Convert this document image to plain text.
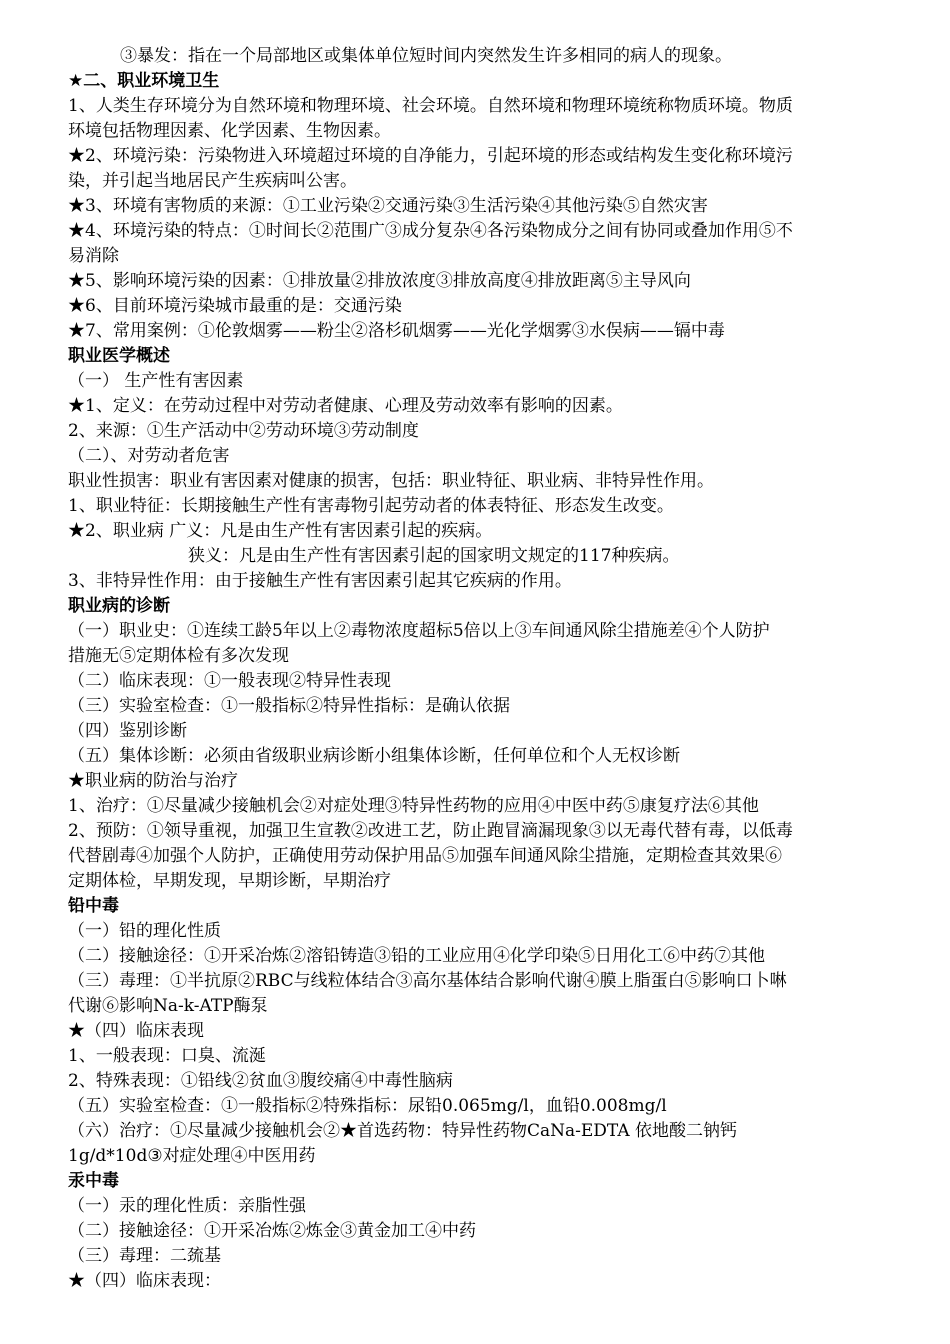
③暴发：指在一个局部地区或集体单位短时间内突然发生许多相同的病人的现象。
★二、职业环境卫生
1、人类生存环境分为自然环境和物理环境、社会环境。自然环境和物理环境统称物质环境。物质
环境包括物理因素、化学因素、生物因素。
★2、环境污染：污染物进入环境超过环境的自净能力，引起环境的形态或结构发生变化称环境污
染，并引起当地居民产生疾病叫公害。
★3、环境有害物质的来源：①工业污染②交通污染③生活污染④其他污染⑤自然灾害
★4、环境污染的特点：①时间长②范围广③成分复杂④各污染物成分之间有协同或叠加作用⑤不
易消除
★5、影响环境污染的因素：①排放量②排放浓度③排放高度④排放距离⑤主导风向
★6、目前环境污染城市最重的是：交通污染
★7、常用案例：①伦敦烟雾——粉尘②洛杉矶烟雾——光化学烟雾③水俣病——镉中毒
职业医学概述
（一） 生产性有害因素
★1、定义：在劳动过程中对劳动者健康、心理及劳动效率有影响的因素。
2、来源：①生产活动中②劳动环境③劳动制度
（二）、对劳动者危害
职业性损害：职业有害因素对健康的损害，包括：职业特征、职业病、非特异性作用。
1、职业特征：长期接触生产性有害毒物引起劳动者的体表特征、形态发生改变。
★2、职业病 广义：凡是由生产性有害因素引起的疾病。
狭义：凡是由生产性有害因素引起的国家明文规定的117种疾病。
3、非特异性作用：由于接触生产性有害因素引起其它疾病的作用。
职业病的诊断
（一）职业史：①连续工龄5年以上②毒物浓度超标5倍以上③车间通风除尘措施差④个人防护
措施无⑤定期体检有多次发现
（二）临床表现：①一般表现②特异性表现
（三）实验室检查：①一般指标②特异性指标：是确认依据
（四）鉴别诊断
（五）集体诊断：必须由省级职业病诊断小组集体诊断，任何单位和个人无权诊断
★职业病的防治与治疗
1、治疗：①尽量减少接触机会②对症处理③特异性药物的应用④中医中药⑤康复疗法⑥其他
2、预防：①领导重视，加强卫生宣教②改进工艺，防止跑冒滴漏现象③以无毒代替有毒，以低毒
代替剧毒④加强个人防护，正确使用劳动保护用品⑤加强车间通风除尘措施，定期检查其效果⑥
定期体检，早期发现，早期诊断，早期治疗
铅中毒
（一）铅的理化性质
（二）接触途径：①开采冶炼②溶铅铸造③铅的工业应用④化学印染⑤日用化工⑥中药⑦其他
（三）毒理：①半抗原②RBC与线粒体结合③高尔基体结合影响代谢④膜上脂蛋白⑤影响口卜啉
代谢⑥影响Na-k-ATP酶泵
★（四）临床表现
1、一般表现：口臭、流涎
2、特殊表现：①铅线②贫血③腹绞痛④中毒性脑病
（五）实验室检查：①一般指标②特殊指标：尿铅0.065mg/l，血铅0.008mg/l
（六）治疗：①尽量减少接触机会②★首选药物：特异性药物CaNa-EDTA 依地酸二钠钙
1g/d*10d③对症处理④中医用药
汞中毒
（一）汞的理化性质：亲脂性强
（二）接触途径：①开采冶炼②炼金③黄金加工④中药
（三）毒理：二巯基
★（四）临床表现：
